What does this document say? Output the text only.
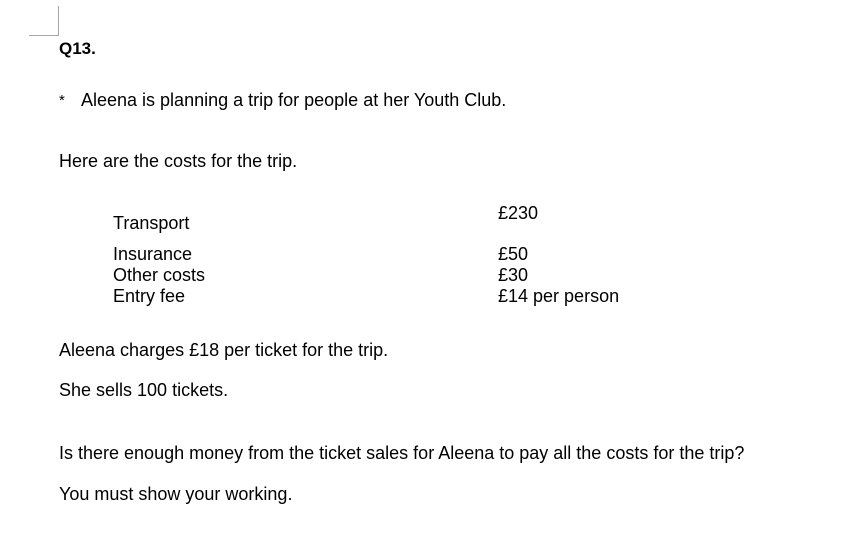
Q13.
* Aleena is planning a trip for people at her Youth Club.
Here are the costs for the trip.
Transport	£230
Insurance	£50
Other costs	£30
Entry fee	£14 per person
Aleena charges £18 per ticket for the trip.
She sells 100 tickets.
Is there enough money from the ticket sales for Aleena to pay all the costs for the trip?
You must show your working.
